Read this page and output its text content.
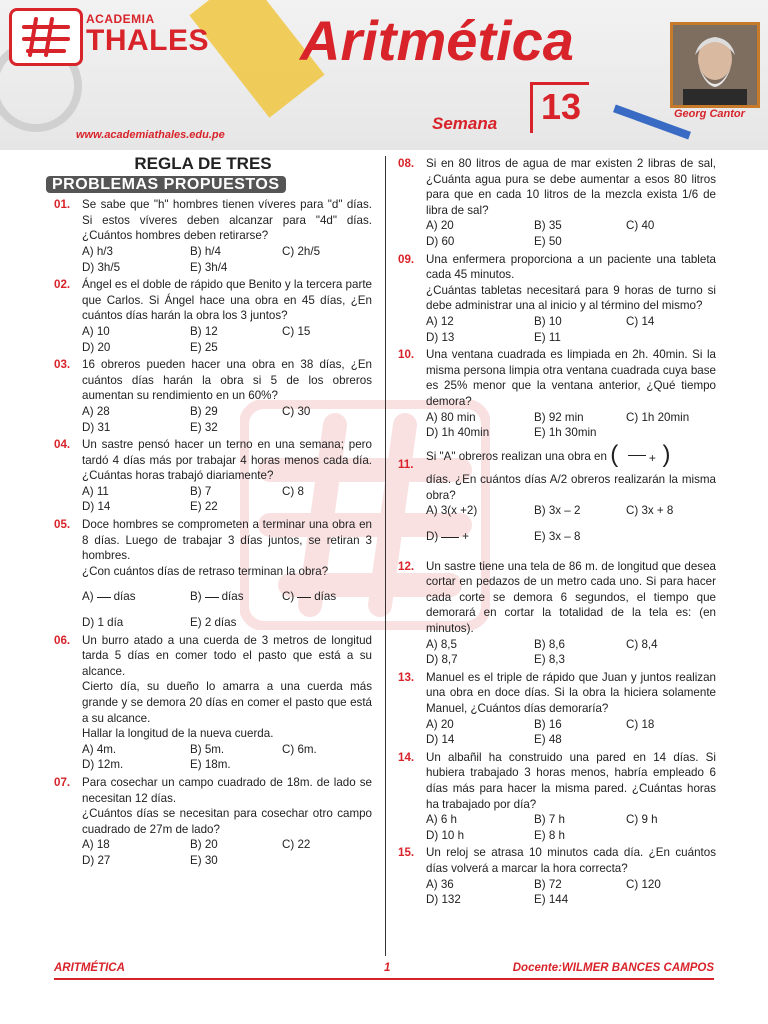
ACADEMIA
THALES Aritmética
Semana	13	Georg Cantor
www.academiathales.edu.pe
REGLA DE TRES
PROBLEMAS PROPUESTOS
01. Se sabe que "h" hombres tienen víveres para "d" días. Si estos víveres deben alcanzar para "4d" días. ¿Cuántos hombres deben retirarse?
A) h/3	B) h/4	C) 2h/5
D) 3h/5	E) 3h/4
02. Ángel es el doble de rápido que Benito y la tercera parte que Carlos. Si Ángel hace una obra en 45 días, ¿En cuántos días harán la obra los 3 juntos?
A) 10	B) 12	C) 15
D) 20	E) 25
03. 16 obreros pueden hacer una obra en 38 días, ¿En cuántos días harán la obra si 5 de los obreros aumentan su rendimiento en un 60%?
A) 28	B) 29	C) 30
D) 31	E) 32
04. Un sastre pensó hacer un terno en una semana; pero tardó 4 días más por trabajar 4 horas menos cada día. ¿Cuántas horas trabajó diariamente?
A) 11	B) 7	C) 8
D) 14	E) 22
05. Doce hombres se comprometen a terminar una obra en 8 días. Luego de trabajar 3 días juntos, se retiran 3 hombres.
¿Con cuántos días de retraso terminan la obra?
A) días	B) días	C) días
D) 1 día	E) 2 días
06. Un burro atado a una cuerda de 3 metros de longitud tarda 5 días en comer todo el pasto que está a su alcance.
Cierto día, su dueño lo amarra a una cuerda más grande y se demora 20 días en comer el pasto que está a su alcance.
Hallar la longitud de la nueva cuerda.
A) 4m.	B) 5m.	C) 6m.
D) 12m.	E) 18m.
07. Para cosechar un campo cuadrado de 18m. de lado se necesitan 12 días.
¿Cuántos días se necesitan para cosechar otro campo cuadrado de 27m de lado?
A) 18	B) 20	C) 22
D) 27	E) 30
08. Si en 80 litros de agua de mar existen 2 libras de sal, ¿Cuánta agua pura se debe aumentar a esos 80 litros para que en cada 10 litros de la mezcla exista 1/6 de libra de sal?
A) 20	B) 35	C) 40
D) 60	E) 50
09. Una enfermera proporciona a un paciente una tableta cada 45 minutos.
¿Cuántas tabletas necesitará para 9 horas de turno si debe administrar una al inicio y al término del mismo?
A) 12	B) 10	C) 14
D) 13	E) 11
10. Una ventana cuadrada es limpiada en 2h. 40min. Si la misma persona limpia otra ventana cuadrada cuya base es 25% menor que la ventana anterior, ¿Qué tiempo demora?
A) 80 min	B) 92 min	C) 1h 20min
D) 1h 40min	E) 1h 30min
11.
Si "A" obreros realizan una obra en ( + )
días. ¿En cuántos días A/2 obreros realizarán la misma obra?
A) 3(x +2)	B) 3x – 2	C) 3x + 8
D) +	E) 3x – 8
12. Un sastre tiene una tela de 86 m. de longitud que desea cortar en pedazos de un metro cada uno. Si para hacer cada corte se demora 6 segundos, el tiempo que demorará en cortar la totalidad de la tela es: (en minutos).
A) 8,5	B) 8,6	C) 8,4
D) 8,7	E) 8,3
13. Manuel es el triple de rápido que Juan y juntos realizan una obra en doce días. Si la obra la hiciera solamente Manuel, ¿Cuántos días demoraría?
A) 20	B) 16	C) 18
D) 14	E) 48
14. Un albañil ha construido una pared en 14 días. Si hubiera trabajado 3 horas menos, habría empleado 6 días más para hacer la misma pared. ¿Cuántas horas ha trabajado por día?
A) 6 h	B) 7 h	C) 9 h
D) 10 h	E) 8 h
15. Un reloj se atrasa 10 minutos cada día. ¿En cuántos días volverá a marcar la hora correcta?
A) 36	B) 72	C) 120
D) 132	E) 144
ARITMÉTICA	1	Docente:WILMER BANCES CAMPOS
